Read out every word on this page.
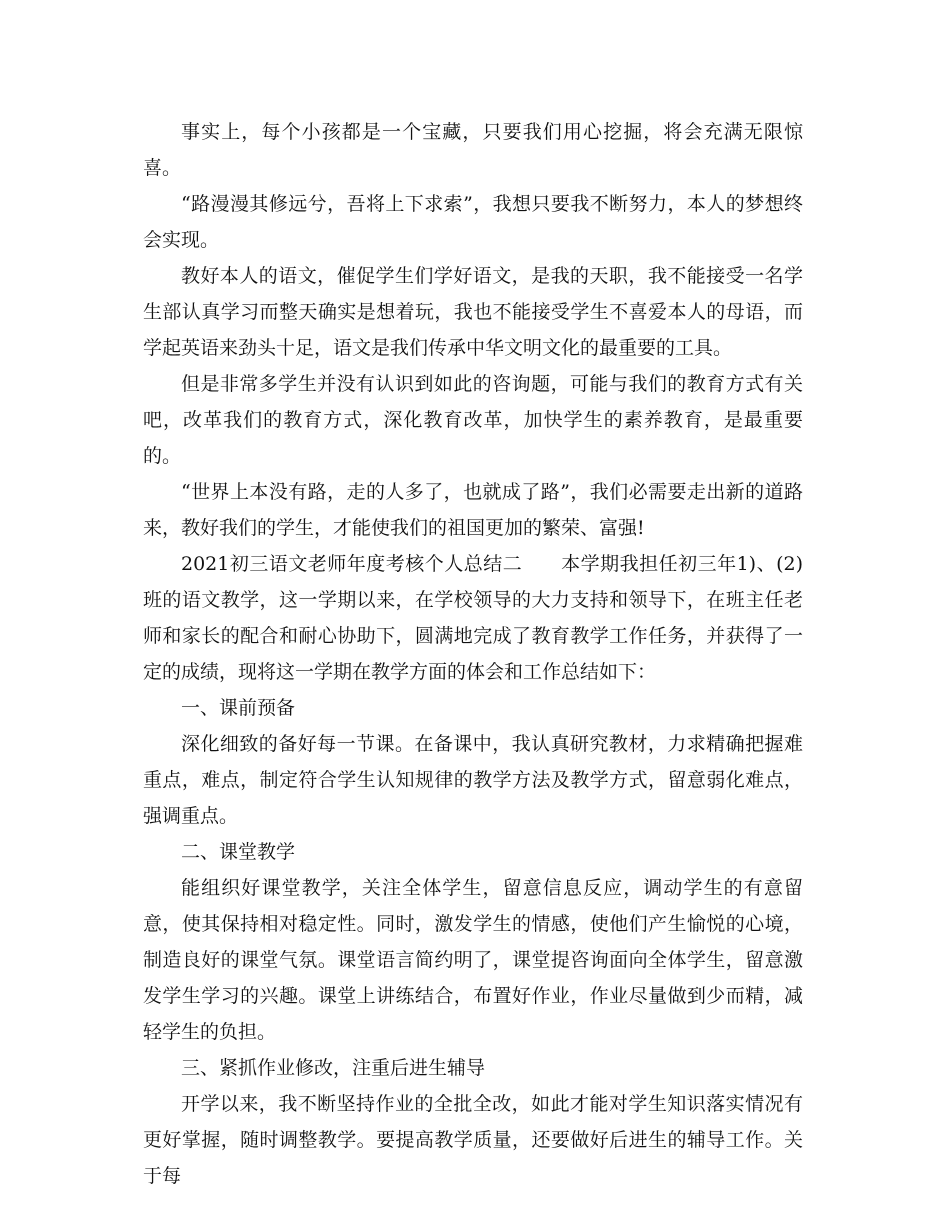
事实上，每个小孩都是一个宝藏，只要我们用心挖掘，将会充满无限惊喜。

“路漫漫其修远兮，吾将上下求索”，我想只要我不断努力，本人的梦想终会实现。

教好本人的语文，催促学生们学好语文，是我的天职，我不能接受一名学生部认真学习而整天确实是想着玩，我也不能接受学生不喜爱本人的母语，而学起英语来劲头十足，语文是我们传承中华文明文化的最重要的工具。

但是非常多学生并没有认识到如此的咨询题，可能与我们的教育方式有关吧，改革我们的教育方式，深化教育改革，加快学生的素养教育，是最重要的。

“世界上本没有路，走的人多了，也就成了路”，我们必需要走出新的道路来，教好我们的学生，才能使我们的祖国更加的繁荣、富强!

2021初三语文老师年度考核个人总结二　　本学期我担任初三年1)、(2)班的语文教学，这一学期以来，在学校领导的大力支持和领导下，在班主任老师和家长的配合和耐心协助下，圆满地完成了教育教学工作任务，并获得了一定的成绩，现将这一学期在教学方面的体会和工作总结如下：

一、课前预备

深化细致的备好每一节课。在备课中，我认真研究教材，力求精确把握难重点，难点，制定符合学生认知规律的教学方法及教学方式，留意弱化难点，强调重点。

二、课堂教学

能组织好课堂教学，关注全体学生，留意信息反应，调动学生的有意留意，使其保持相对稳定性。同时，激发学生的情感，使他们产生愉悦的心境，制造良好的课堂气氛。课堂语言简约明了，课堂提咨询面向全体学生，留意激发学生学习的兴趣。课堂上讲练结合，布置好作业，作业尽量做到少而精，减轻学生的负担。

三、紧抓作业修改，注重后进生辅导

开学以来，我不断坚持作业的全批全改，如此才能对学生知识落实情况有更好掌握，随时调整教学。要提高教学质量，还要做好后进生的辅导工作。关于每
